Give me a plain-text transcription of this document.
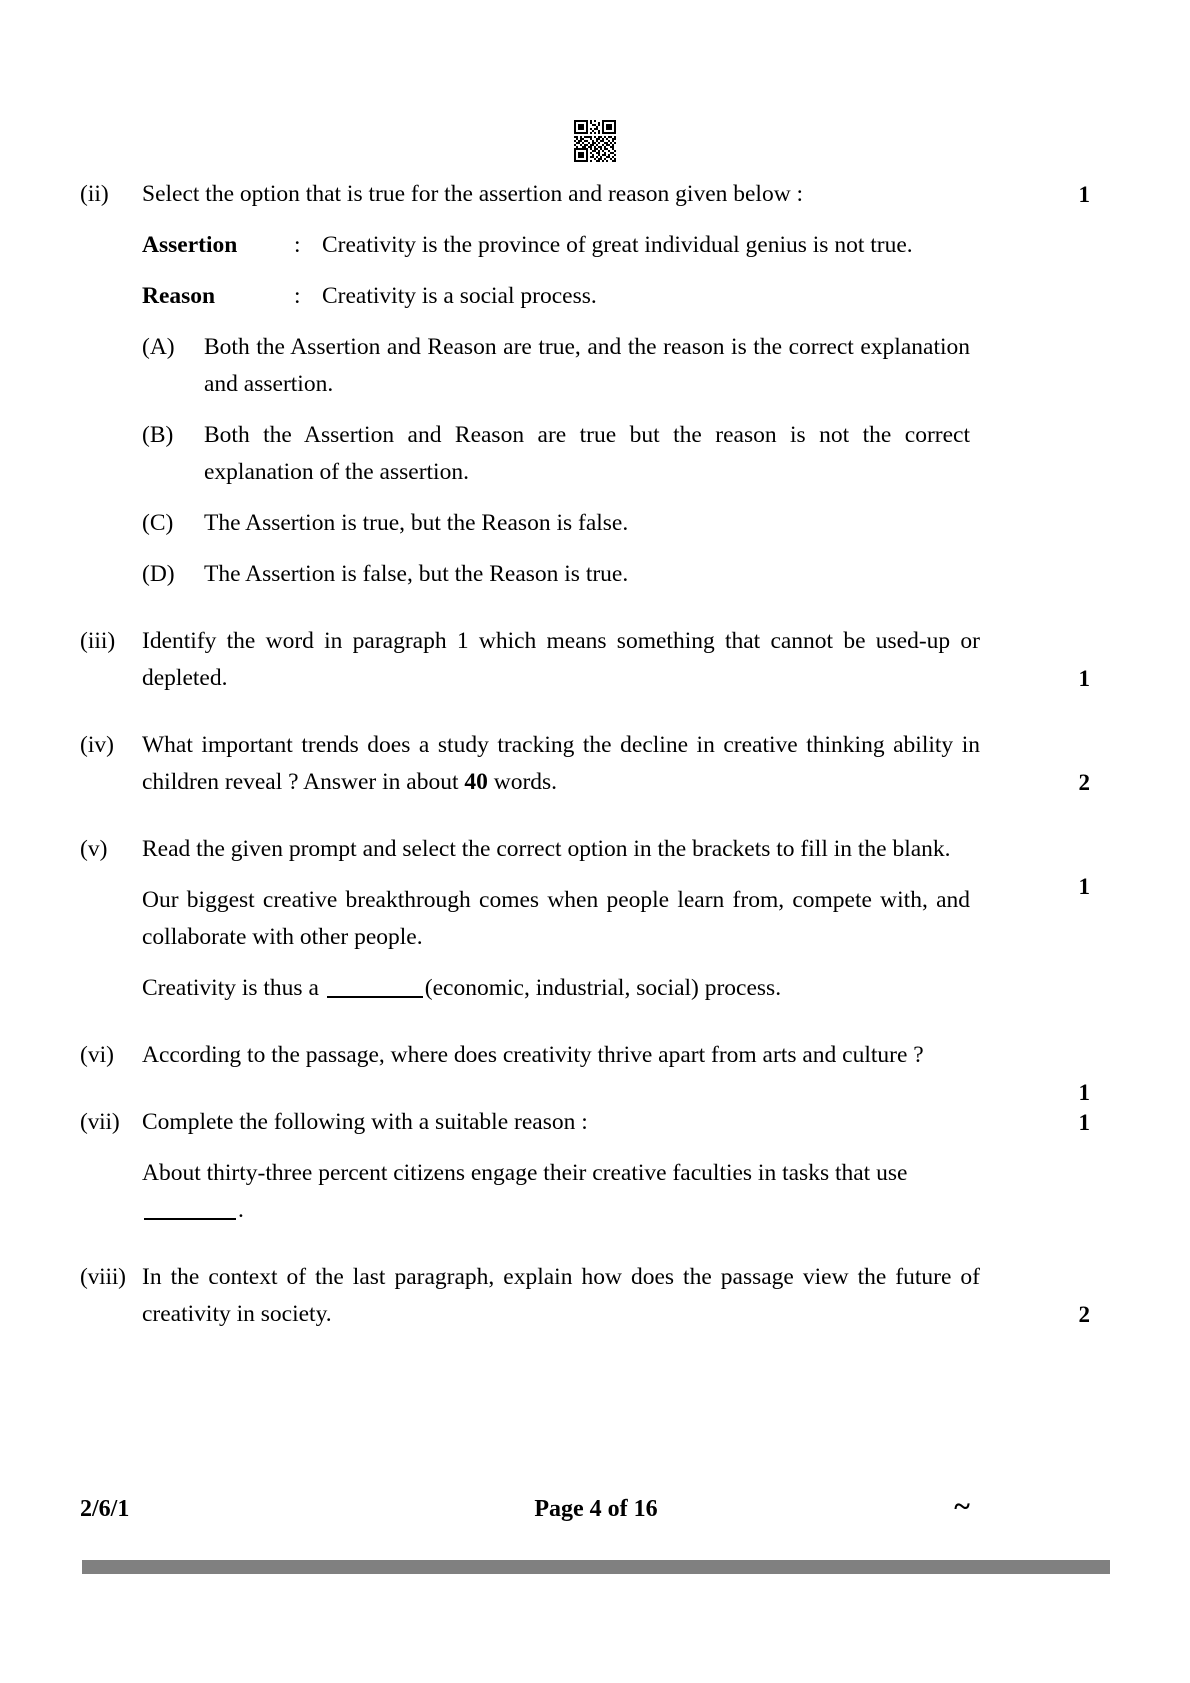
(ii)	Select the option that is true for the assertion and reason given below :	1
Assertion	: Creativity is the province of great individual genius is not true.
Reason	: Creativity is a social process.
(A)	Both the Assertion and Reason are true, and the reason is the correct explanation and assertion.
(B)	Both the Assertion and Reason are true but the reason is not the correct explanation of the assertion.
(C)	The Assertion is true, but the Reason is false.
(D)	The Assertion is false, but the Reason is true.
(iii)	Identify the word in paragraph 1 which means something that cannot be used-up or depleted.	1
(iv)	What important trends does a study tracking the decline in creative thinking ability in children reveal ? Answer in about 40 words.	2
(v)	Read the given prompt and select the correct option in the brackets to fill in the blank.
1
Our biggest creative breakthrough comes when people learn from, compete with, and collaborate with other people.
Creativity is thus a	(economic, industrial, social) process.
(vi)	According to the passage, where does creativity thrive apart from arts and culture ?
1
(vii) Complete the following with a suitable reason :	1
About thirty-three percent citizens engage their creative faculties in tasks that use .
(viii) In the context of the last paragraph, explain how does the passage view the future of creativity in society.	2
2/6/1	Page 4 of 16	~
